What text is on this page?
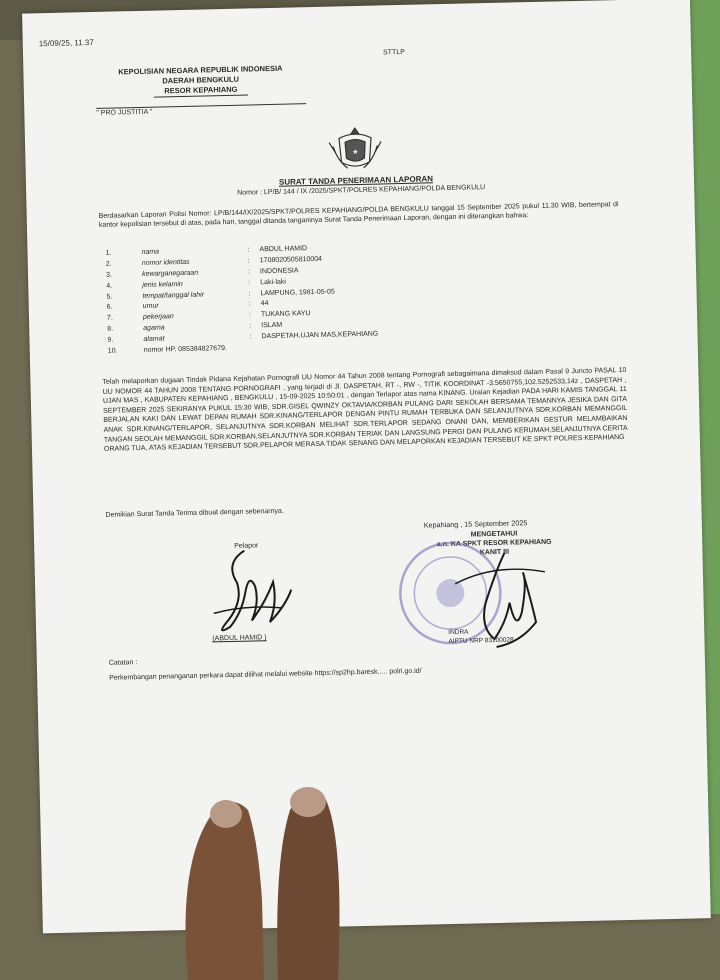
15/09/25, 11.37
STTLP
KEPOLISIAN NEGARA REPUBLIK INDONESIA
DAERAH BENGKULU
RESOR KEPAHIANG
" PRO JUSTITIA "
★
SURAT TANDA PENERIMAAN LAPORAN
Nomor : LP/B/ 144 / IX /2025/SPKT/POLRES KEPAHIANG/POLDA BENGKULU
Berdasarkan Laporan Polisi Nomor: LP/B/144/IX/2025/SPKT/POLRES KEPAHIANG/POLDA BENGKULU tanggal 15 September 2025 pukul 11.30 WIB, bertempat di kantor kepolisian tersebut di atas, pada hari, tanggal ditanda tanganinya Surat Tanda Penerimaan Laporan, dengan ini diterangkan bahwa:
1.	nama	: ABDUL HAMID
2.	nomor identitas	: 1708020505810004
3.	kewarganegaraan	: INDONESIA
4.	jenis kelamin	: Laki-laki
5.	tempat/tanggal lahir	: LAMPUNG, 1981-05-05
6.	umur	: 44
7.	pekerjaan	: TUKANG KAYU
8.	agama	: ISLAM
9.	alamat	: DASPETAH,UJAN MAS,KEPAHIANG
10.	nomor HP. 085384827679.
Telah melaporkan dugaan Tindak Pidana Kejahatan Pornografi UU Nomor 44 Tahun 2008 tentang Pornografi sebagaimana dimaksud dalam Pasal 9 Juncto PASAL 10 UU NOMOR 44 TAHUN 2008 TENTANG PORNOGRAFI , yang terjadi di Jl. DASPETAH, RT -, RW -, TITIK KOORDINAT -3.5650755,102.5252533,14z , DASPETAH , UJAN MAS , KABUPATEN KEPAHIANG , BENGKULU , 15-09-2025 10:50:01 , dengan Terlapor atas nama KINANG. Uraian Kejadian PADA HARI KAMIS TANGGAL 11 SEPTEMBER 2025 SEKIRANYA PUKUL 15:30 WIB, SDR.GISEL QWINZY OKTAVIA/KORBAN PULANG DARI SEKOLAH BERSAMA TEMANNYA JESIKA DAN GITA BERJALAN KAKI DAN LEWAT DEPAN RUMAH SDR.KINANG/TERLAPOR DENGAN PINTU RUMAH TERBUKA DAN SELANJUTNYA SDR.KORBAN MEMANGGIL ANAK SDR.KINANG/TERLAPOR, SELANJUTNYA SDR.KORBAN MELIHAT SDR.TERLAPOR SEDANG ONANI DAN, MEMBERIKAN GESTUR MELAMBAIKAN TANGAN SEOLAH MEMANGGIL SDR.KORBAN,SELANJUTNYA SDR.KORBAN TERIAK DAN LANGSUNG PERGI DAN PULANG KERUMAH,SELANJUTNYA CERITA ORANG TUA, ATAS KEJADIAN TERSEBUT SDR.PELAPOR MERASA TIDAK SENANG DAN MELAPORKAN KEJADIAN TERSEBUT KE SPKT POLRES KEPAHIANG
Demikian Surat Tanda Terima dibuat dengan sebenarnya.
Kepahiang , 15 September 2025
MENGETAHUI
a.n. KA SPKT RESOR KEPAHIANG
KANIT III
Pelapor
(ABDUL HAMID )
INDRA
AIPTU NRP 83100028
Catatan :
Perkembangan penanganan perkara dapat dilihat melalui website https://sp2hp.baresk..... polri.go.id/
